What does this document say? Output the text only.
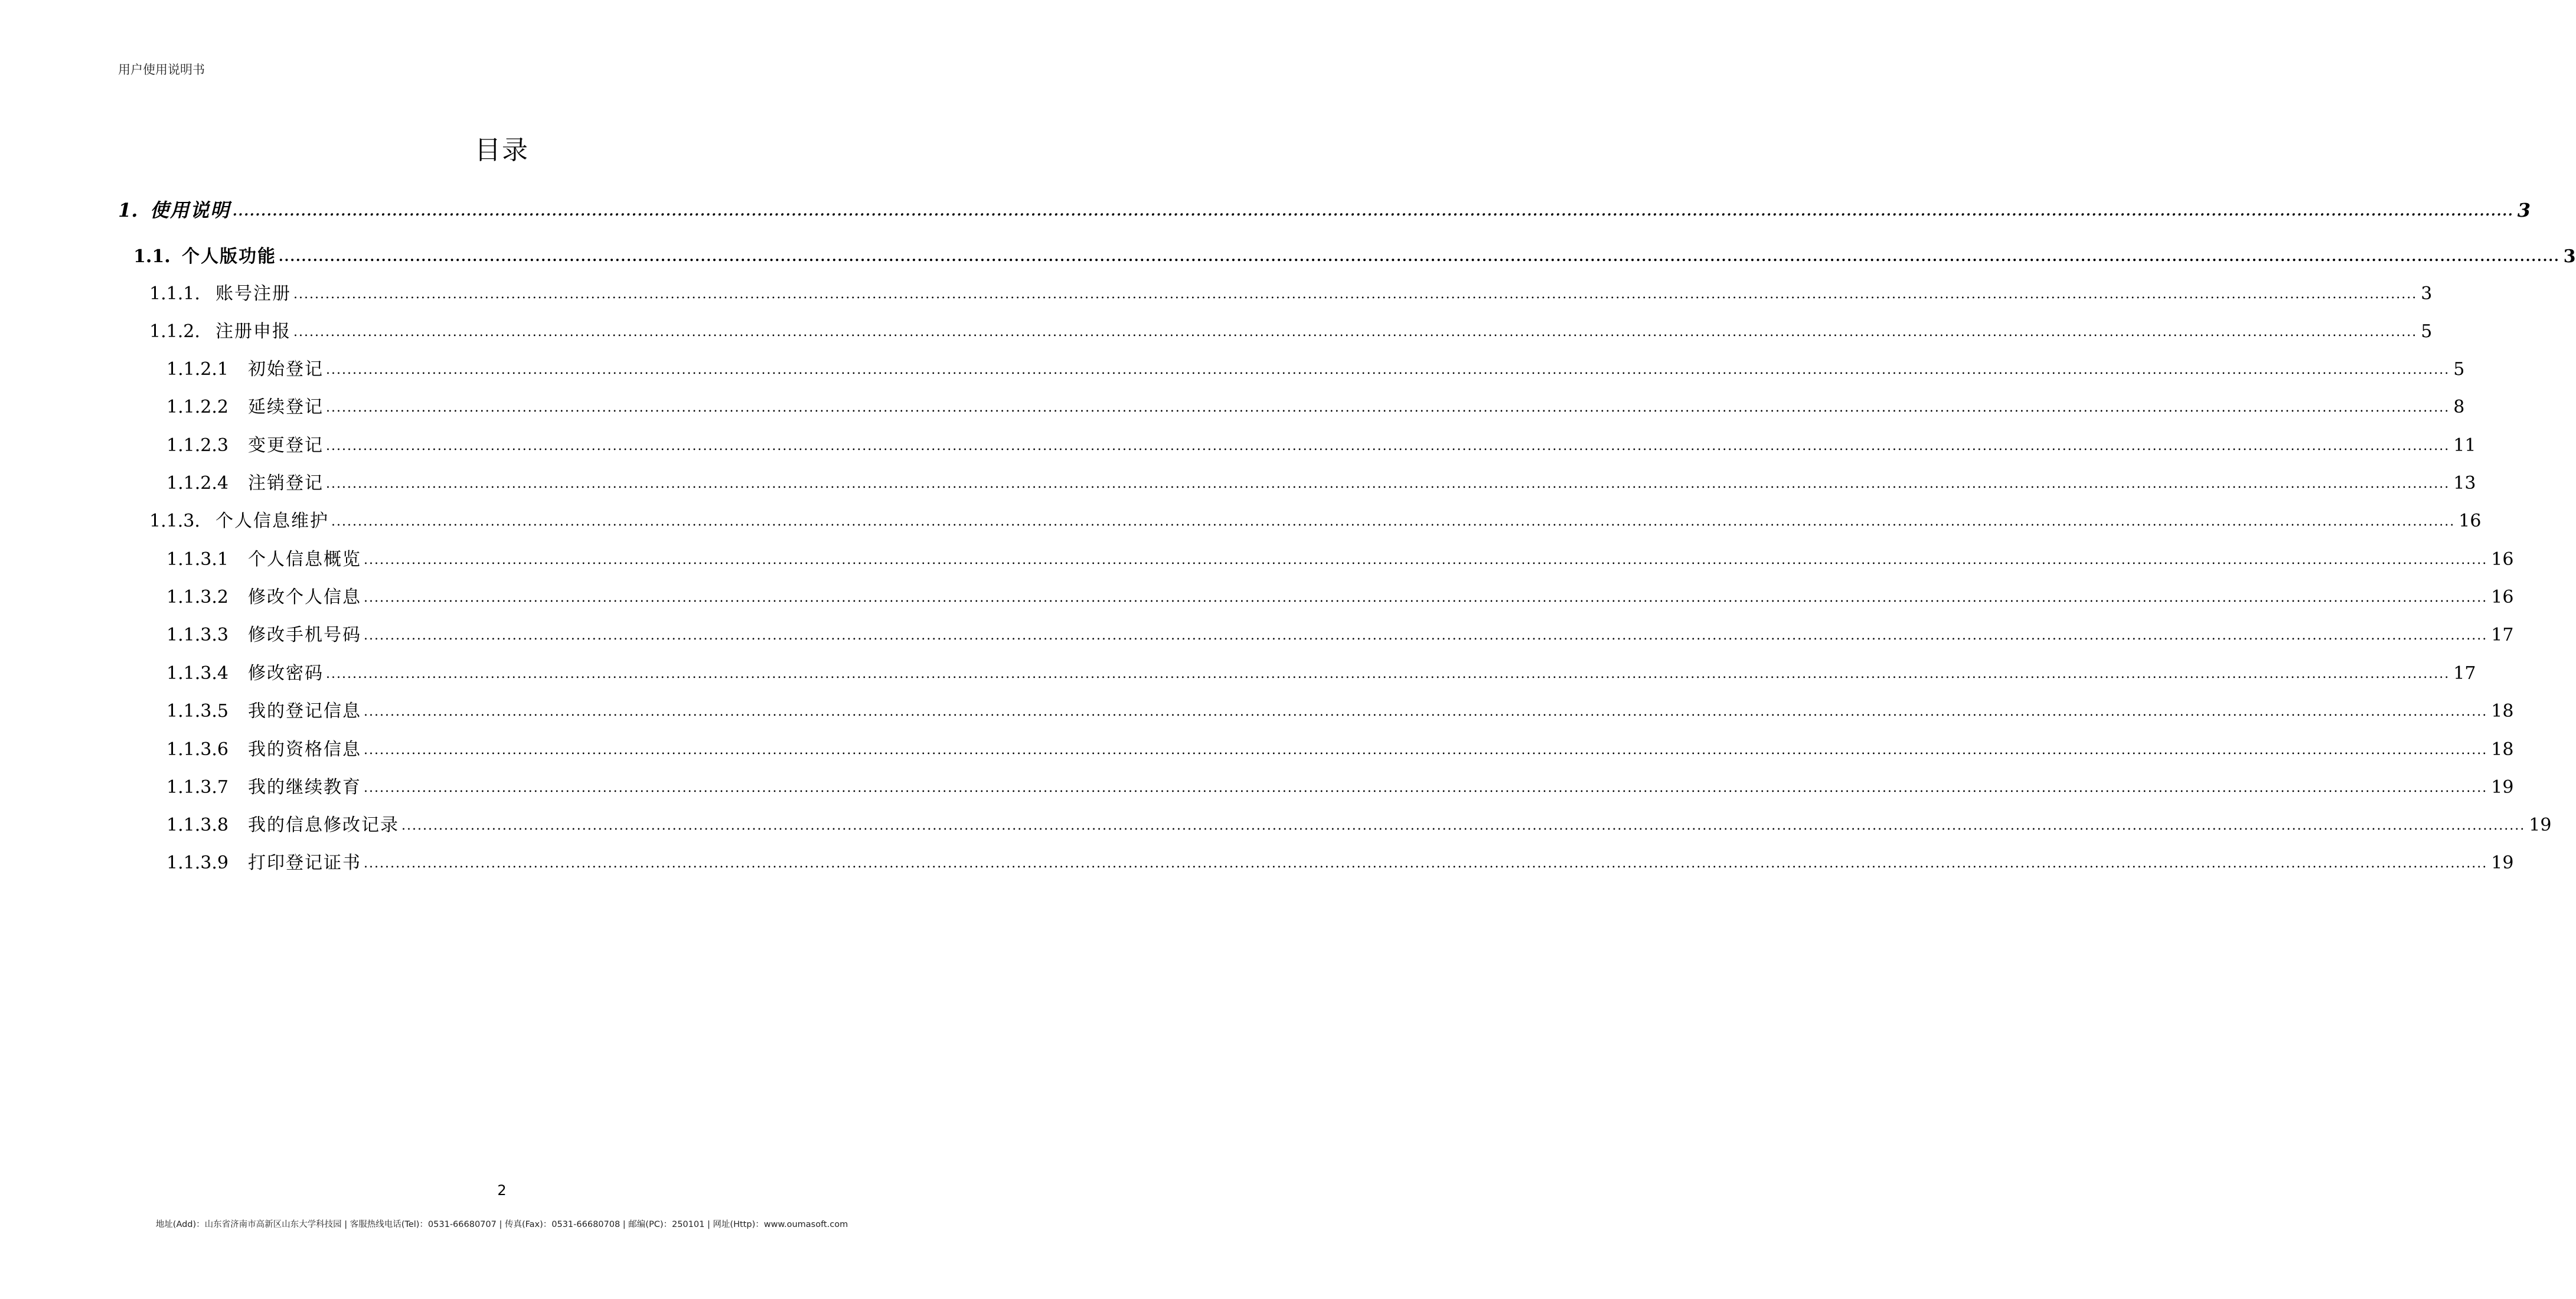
用户使用说明书
目录
1. 使用说明 ................................................................................................................................................................................................................................................................................................................................................................................................................ 3
1.1. 个人版功能 ................................................................................................................................................................................................................................................................................................................................................................................................................ 3
1.1.1. 账号注册 ................................................................................................................................................................................................................................................................................................................................................................................................................ 3
1.1.2. 注册申报 ................................................................................................................................................................................................................................................................................................................................................................................................................ 5
1.1.2.1	初始登记 ................................................................................................................................................................................................................................................................................................................................................................................................................ 5
1.1.2.2	延续登记 ................................................................................................................................................................................................................................................................................................................................................................................................................ 8
1.1.2.3	变更登记 ................................................................................................................................................................................................................................................................................................................................................................................................................ 11
1.1.2.4	注销登记 ................................................................................................................................................................................................................................................................................................................................................................................................................ 13
1.1.3. 个人信息维护 ................................................................................................................................................................................................................................................................................................................................................................................................................ 16
1.1.3.1	个人信息概览 ................................................................................................................................................................................................................................................................................................................................................................................................................ 16
1.1.3.2	修改个人信息 ................................................................................................................................................................................................................................................................................................................................................................................................................ 16
1.1.3.3	修改手机号码 ................................................................................................................................................................................................................................................................................................................................................................................................................ 17
1.1.3.4	修改密码 ................................................................................................................................................................................................................................................................................................................................................................................................................ 17
1.1.3.5	我的登记信息 ................................................................................................................................................................................................................................................................................................................................................................................................................ 18
1.1.3.6	我的资格信息 ................................................................................................................................................................................................................................................................................................................................................................................................................ 18
1.1.3.7	我的继续教育 ................................................................................................................................................................................................................................................................................................................................................................................................................ 19
1.1.3.8	我的信息修改记录 ................................................................................................................................................................................................................................................................................................................................................................................................................ 19
1.1.3.9	打印登记证书 ................................................................................................................................................................................................................................................................................................................................................................................................................ 19
2
地址(Add)：山东省济南市高新区山东大学科技园 | 客服热线电话(Tel)：0531-66680707 | 传真(Fax)：0531-66680708 | 邮编(PC)：250101 | 网址(Http)：www.oumasoft.com
